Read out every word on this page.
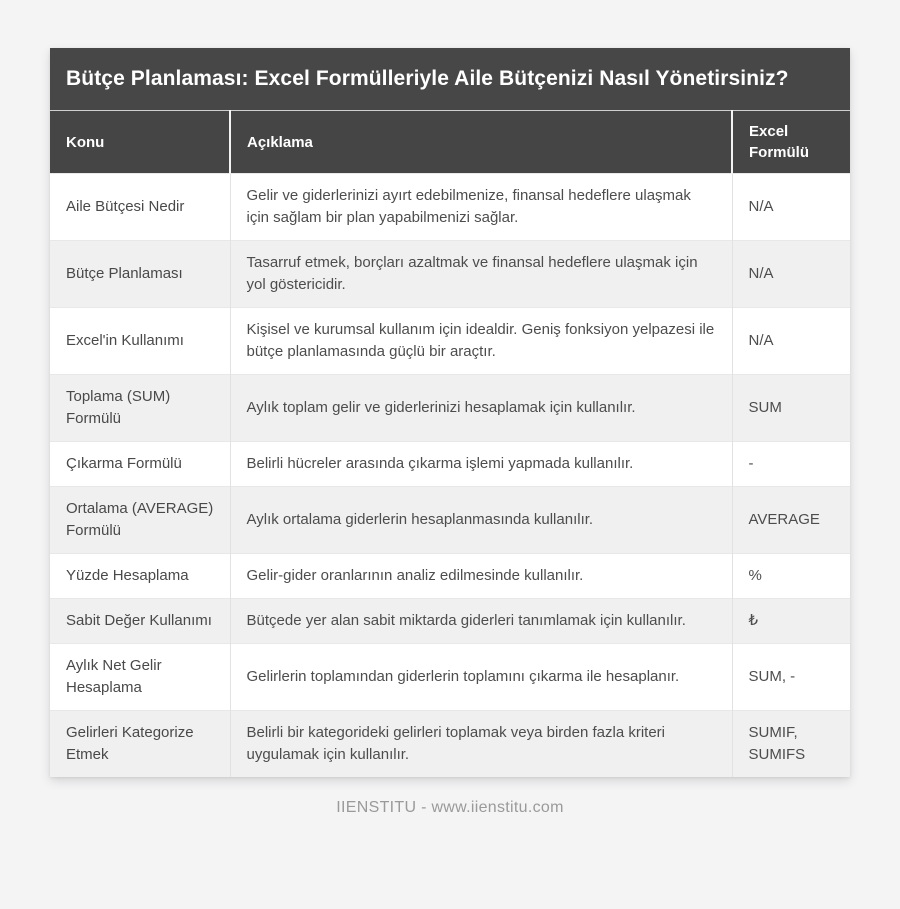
Bütçe Planlaması: Excel Formülleriyle Aile Bütçenizi Nasıl Yönetirsiniz?
Konu	Açıklama	Excel Formülü
Aile Bütçesi Nedir	Gelir ve giderlerinizi ayırt edebilmenize, finansal hedeflere ulaşmak için sağlam bir plan yapabilmenizi sağlar.	N/A
Bütçe Planlaması	Tasarruf etmek, borçları azaltmak ve finansal hedeflere ulaşmak için yol göstericidir.	N/A
Excel'in Kullanımı	Kişisel ve kurumsal kullanım için idealdir. Geniş fonksiyon yelpazesi ile bütçe planlamasında güçlü bir araçtır.	N/A
Toplama (SUM) Formülü	Aylık toplam gelir ve giderlerinizi hesaplamak için kullanılır.	SUM
Çıkarma Formülü	Belirli hücreler arasında çıkarma işlemi yapmada kullanılır.	-
Ortalama (AVERAGE) Formülü	Aylık ortalama giderlerin hesaplanmasında kullanılır.	AVERAGE
Yüzde Hesaplama	Gelir-gider oranlarının analiz edilmesinde kullanılır.	%
Sabit Değer Kullanımı	Bütçede yer alan sabit miktarda giderleri tanımlamak için kullanılır.	₺
Aylık Net Gelir Hesaplama	Gelirlerin toplamından giderlerin toplamını çıkarma ile hesaplanır.	SUM, -
Gelirleri Kategorize Etmek	Belirli bir kategorideki gelirleri toplamak veya birden fazla kriteri uygulamak için kullanılır.	SUMIF, SUMIFS
IIENSTITU - www.iienstitu.com
